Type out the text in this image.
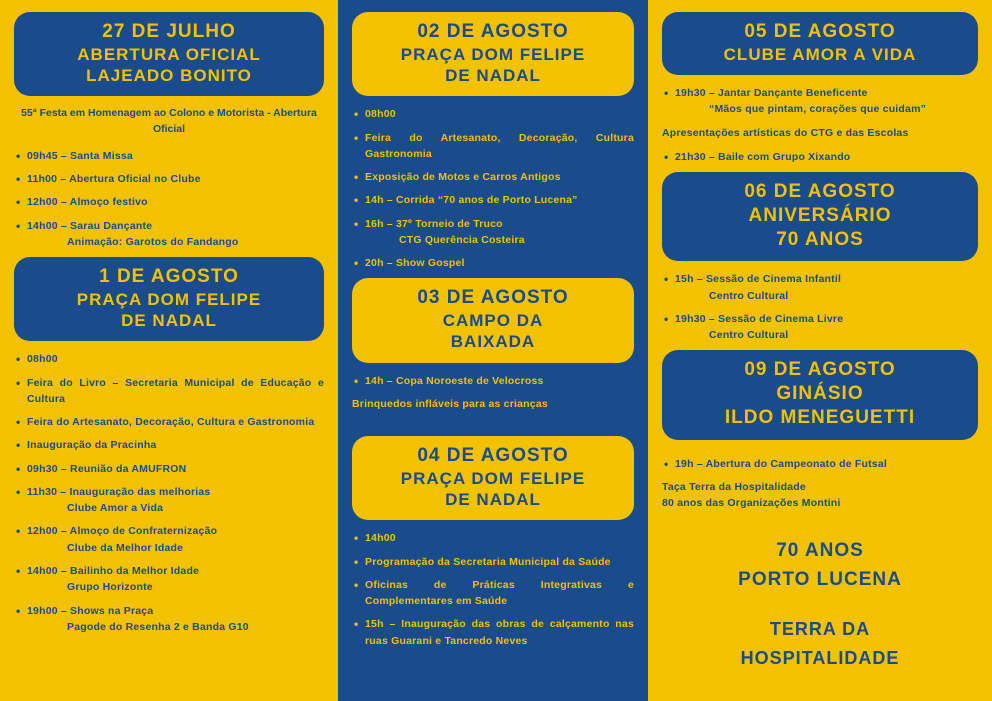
27 DE JULHO
ABERTURA OFICIAL
LAJEADO BONITO
55ª Festa em Homenagem ao Colono e Motorista - Abertura Oficial
• 09h45 – Santa Missa
• 11h00 – Abertura Oficial no Clube
• 12h00 – Almoço festivo
• 14h00 – Sarau Dançante
Animação: Garotos do Fandango
1 DE AGOSTO
PRAÇA DOM FELIPE
DE NADAL
• 08h00
• Feira do Livro – Secretaria Municipal de Educação e Cultura
• Feira do Artesanato, Decoração, Cultura e Gastronomia
• Inauguração da Pracinha
• 09h30 – Reunião da AMUFRON
• 11h30 – Inauguração das melhorias
Clube Amor a Vida
• 12h00 – Almoço de Confraternização
Clube da Melhor Idade
• 14h00 – Bailinho da Melhor Idade
Grupo Horizonte
• 19h00 – Shows na Praça
Pagode do Resenha 2 e Banda G10
02 DE AGOSTO
PRAÇA DOM FELIPE
DE NADAL
• 08h00
• Feira do Artesanato, Decoração, Cultura Gastronomia
• Exposição de Motos e Carros Antigos
• 14h – Corrida “70 anos de Porto Lucena”
• 16h – 37º Torneio de Truco
CTG Querência Costeira
• 20h – Show Gospel
03 DE AGOSTO
CAMPO DA
BAIXADA
• 14h – Copa Noroeste de Velocross
Brinquedos infláveis para as crianças
04 DE AGOSTO
PRAÇA DOM FELIPE
DE NADAL
• 14h00
• Programação da Secretaria Municipal da Saúde
• Oficinas de Práticas Integrativas e Complementares em Saúde
• 15h – Inauguração das obras de calçamento nas ruas Guarani e Tancredo Neves
05 DE AGOSTO
CLUBE AMOR A VIDA
• 19h30 – Jantar Dançante Beneficente
“Mãos que pintam, corações que cuidam”
Apresentações artísticas do CTG e das Escolas
• 21h30 – Baile com Grupo Xixando
06 DE AGOSTO
ANIVERSÁRIO
70 ANOS
• 15h – Sessão de Cinema Infantil
Centro Cultural
• 19h30 – Sessão de Cinema Livre
Centro Cultural
09 DE AGOSTO
GINÁSIO
ILDO MENEGUETTI
• 19h – Abertura do Campeonato de Futsal
Taça Terra da Hospitalidade
80 anos das Organizações Montini
70 ANOS
PORTO LUCENA
TERRA DA
HOSPITALIDADE
